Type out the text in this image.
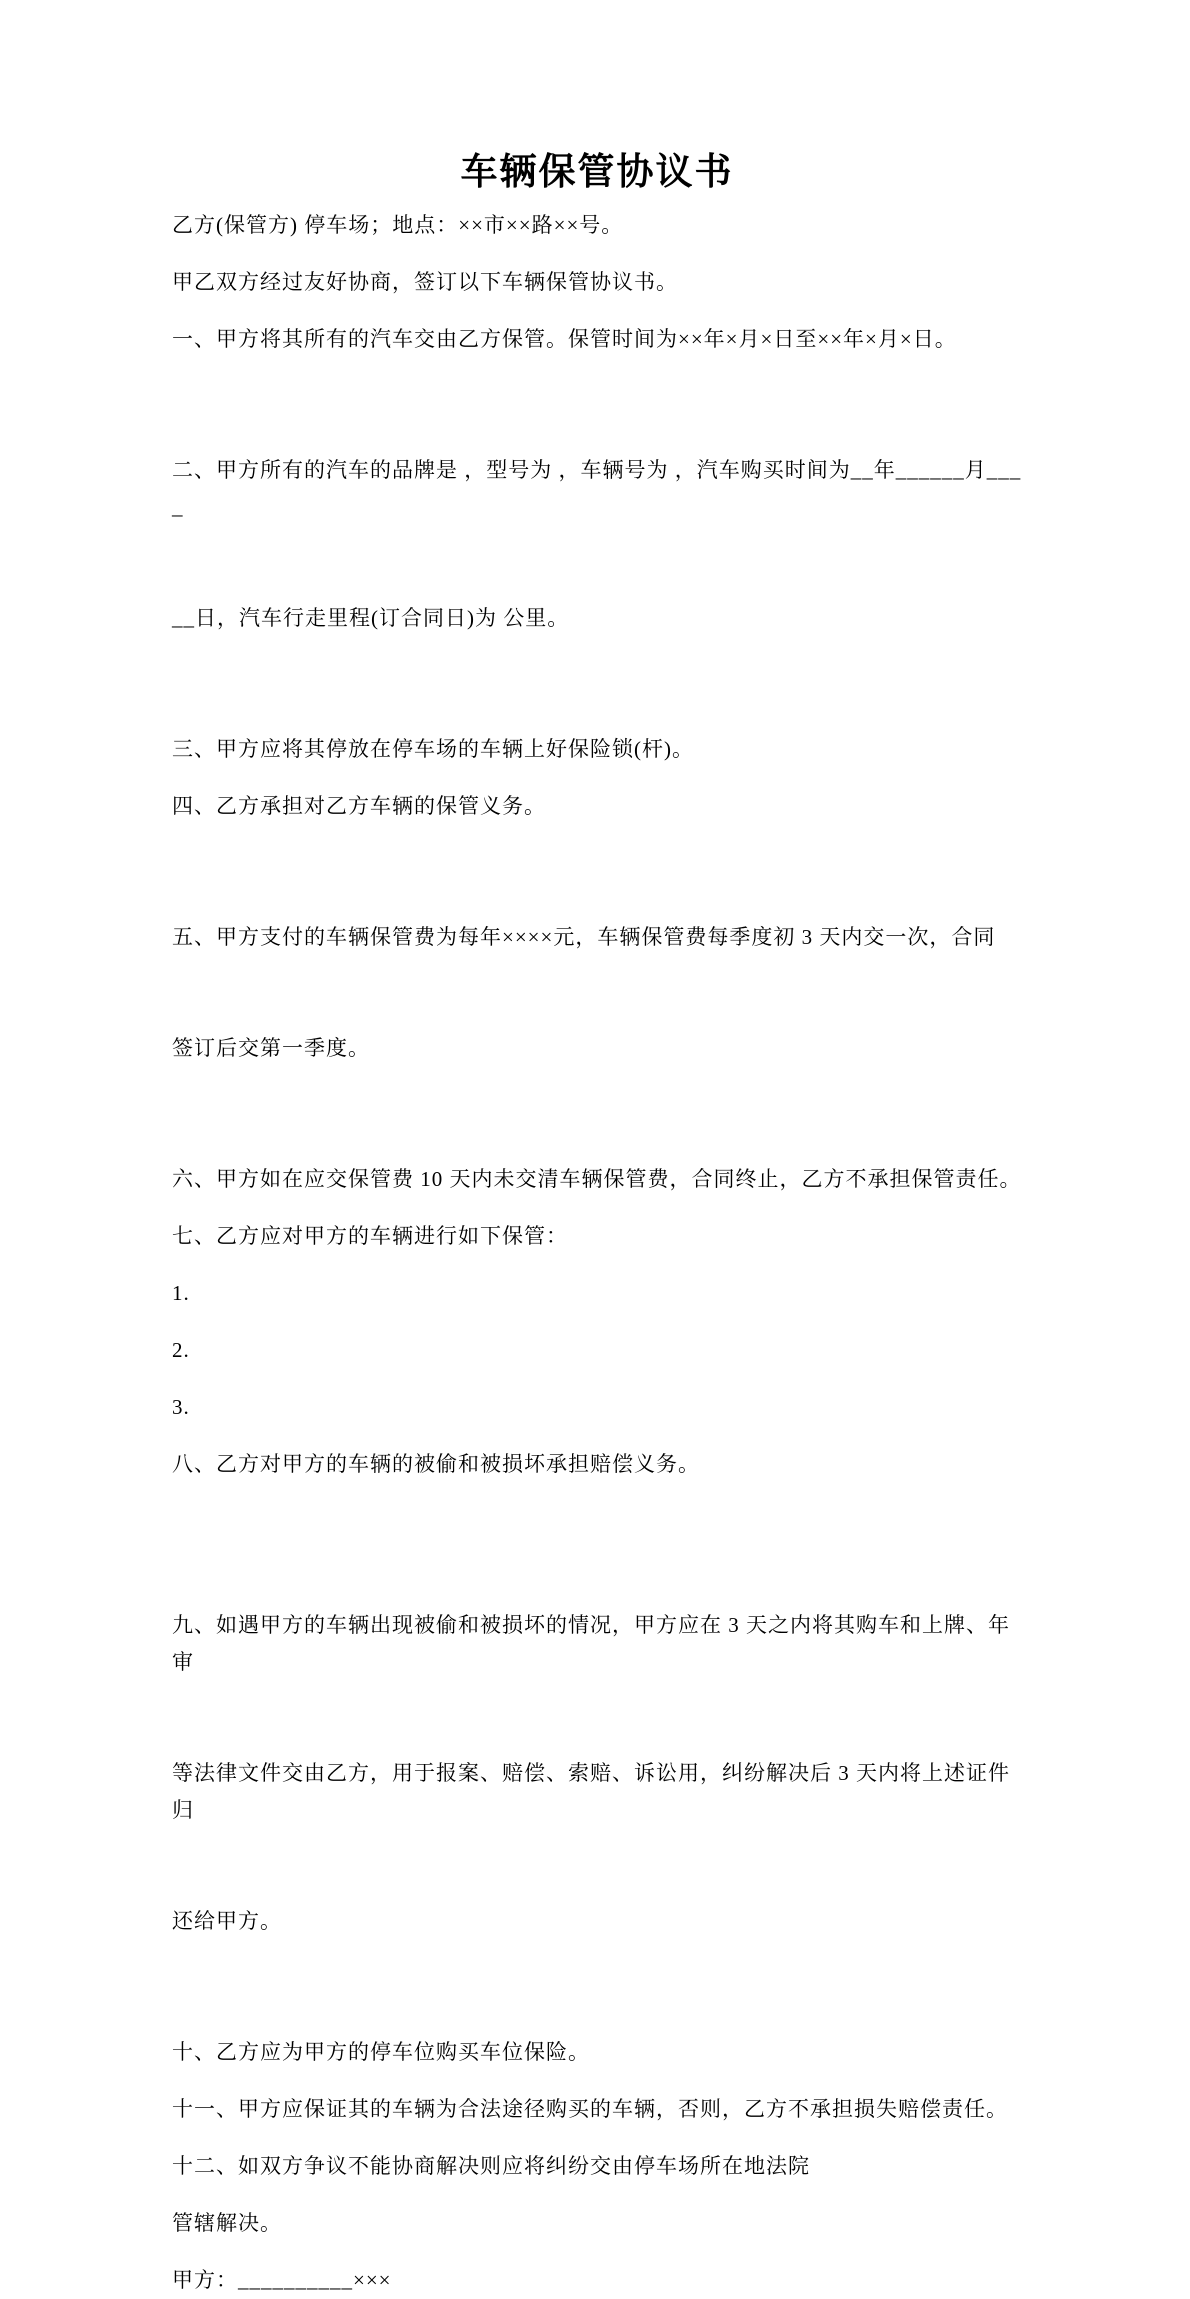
车辆保管协议书

乙方(保管方) 停车场；地点：××市××路××号。

甲乙双方经过友好协商，签订以下车辆保管协议书。

一、甲方将其所有的汽车交由乙方保管。保管时间为××年×月×日至××年×月×日。

二、甲方所有的汽车的品牌是 ，型号为 ，车辆号为 ，汽车购买时间为__年______月____

__日，汽车行走里程(订合同日)为 公里。

三、甲方应将其停放在停车场的车辆上好保险锁(杆)。

四、乙方承担对乙方车辆的保管义务。

五、甲方支付的车辆保管费为每年××××元，车辆保管费每季度初 3 天内交一次，合同

签订后交第一季度。

六、甲方如在应交保管费 10 天内未交清车辆保管费，合同终止，乙方不承担保管责任。

七、乙方应对甲方的车辆进行如下保管：

1.

2.

3.

八、乙方对甲方的车辆的被偷和被损坏承担赔偿义务。

九、如遇甲方的车辆出现被偷和被损坏的情况，甲方应在 3 天之内将其购车和上牌、年审

等法律文件交由乙方，用于报案、赔偿、索赔、诉讼用，纠纷解决后 3 天内将上述证件归

还给甲方。

十、乙方应为甲方的停车位购买车位保险。

十一、甲方应保证其的车辆为合法途径购买的车辆，否则，乙方不承担损失赔偿责任。

十二、如双方争议不能协商解决则应将纠纷交由停车场所在地法院

管辖解决。

甲方：__________×××
